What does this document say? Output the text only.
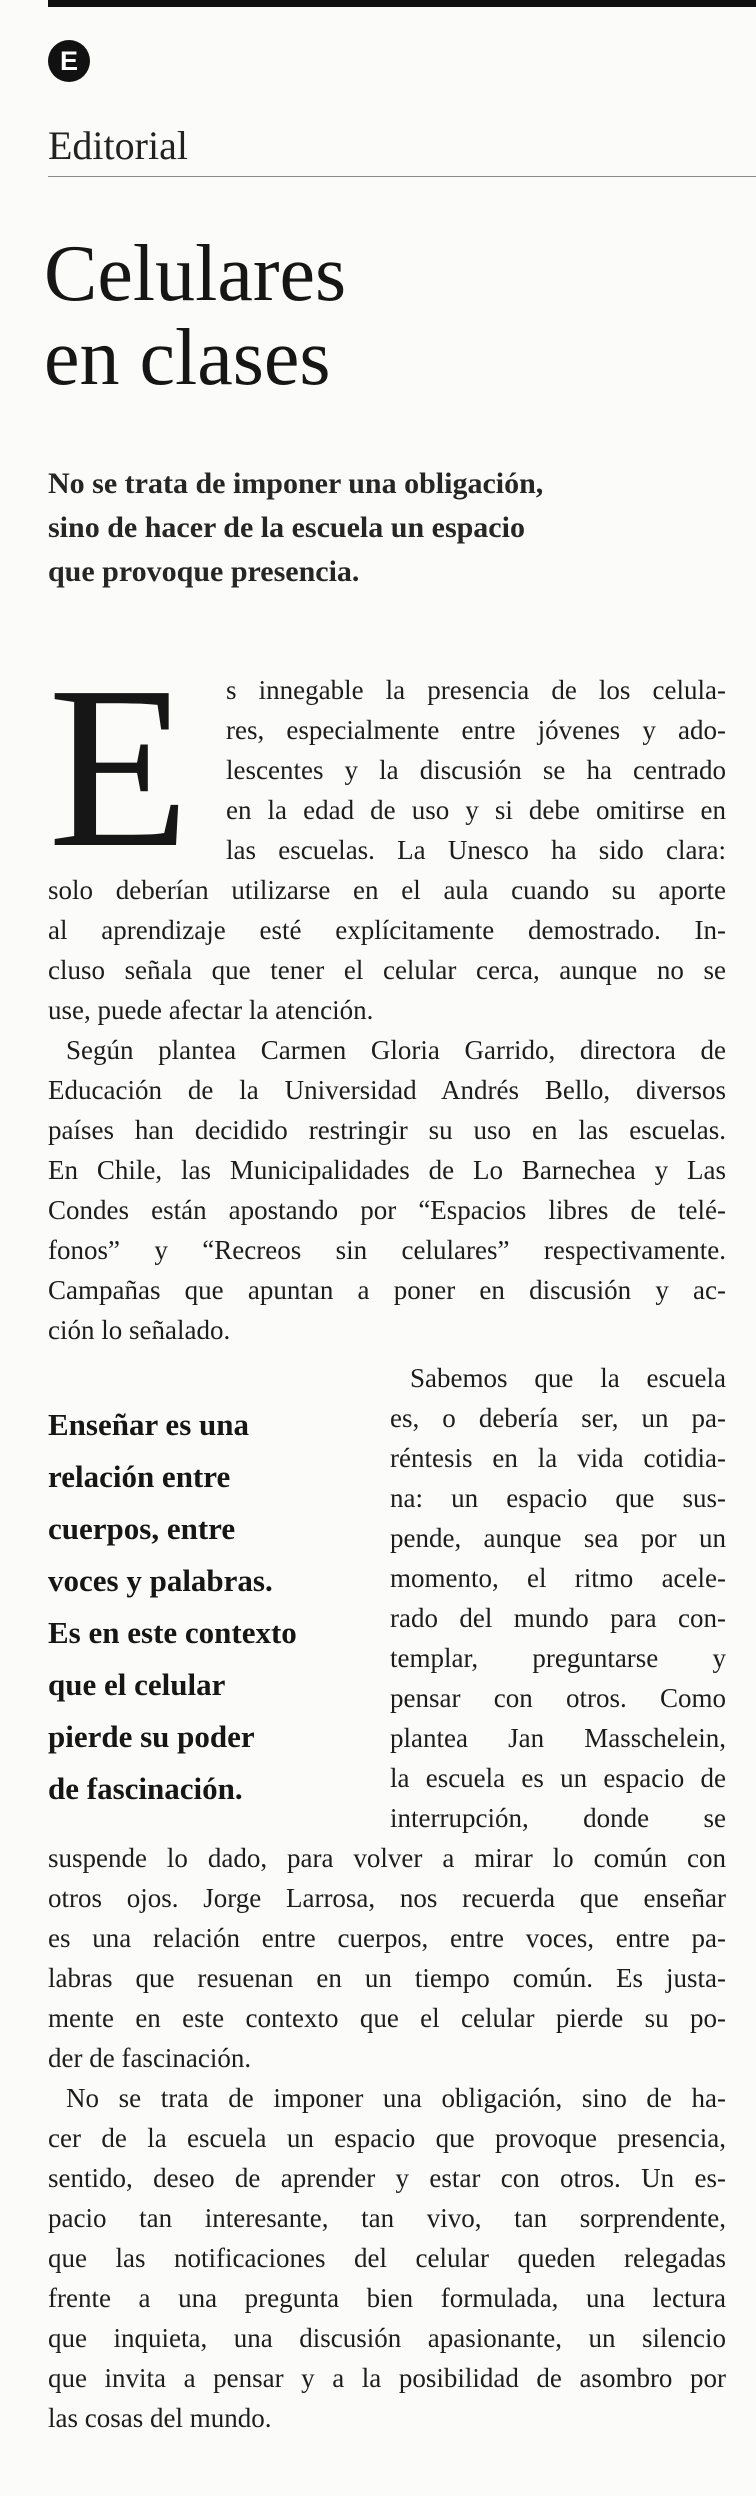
E
Editorial
Celulares
en clases
No se trata de imponer una obligación,
sino de hacer de la escuela un espacio
que provoque presencia.
E s innegable la presencia de los celula-
res, especialmente entre jóvenes y ado-
lescentes y la discusión se ha centrado
en la edad de uso y si debe omitirse en
las escuelas. La Unesco ha sido clara:
solo deberían utilizarse en el aula cuando su aporte
al aprendizaje esté explícitamente demostrado. In-
cluso señala que tener el celular cerca, aunque no se
use, puede afectar la atención.
Según plantea Carmen Gloria Garrido, directora de
Educación de la Universidad Andrés Bello, diversos
países han decidido restringir su uso en las escuelas.
En Chile, las Municipalidades de Lo Barnechea y Las
Condes están apostando por “Espacios libres de telé-
fonos” y “Recreos sin celulares” respectivamente.
Campañas que apuntan a poner en discusión y ac-
ción lo señalado.
Sabemos que la escuela
es, o debería ser, un pa-
réntesis en la vida cotidia-
na: un espacio que sus-
pende, aunque sea por un
momento, el ritmo acele-
rado del mundo para con-
templar, preguntarse y
pensar con otros. Como
plantea Jan Masschelein,
la escuela es un espacio de
interrupción, donde se
suspende lo dado, para volver a mirar lo común con
otros ojos. Jorge Larrosa, nos recuerda que enseñar
es una relación entre cuerpos, entre voces, entre pa-
labras que resuenan en un tiempo común. Es justa-
mente en este contexto que el celular pierde su po-
der de fascinación.
No se trata de imponer una obligación, sino de ha-
cer de la escuela un espacio que provoque presencia,
sentido, deseo de aprender y estar con otros. Un es-
pacio tan interesante, tan vivo, tan sorprendente,
que las notificaciones del celular queden relegadas
frente a una pregunta bien formulada, una lectura
que inquieta, una discusión apasionante, un silencio
que invita a pensar y a la posibilidad de asombro por
las cosas del mundo.
Enseñar es una
relación entre
cuerpos, entre
voces y palabras.
Es en este contexto
que el celular
pierde su poder
de fascinación.
